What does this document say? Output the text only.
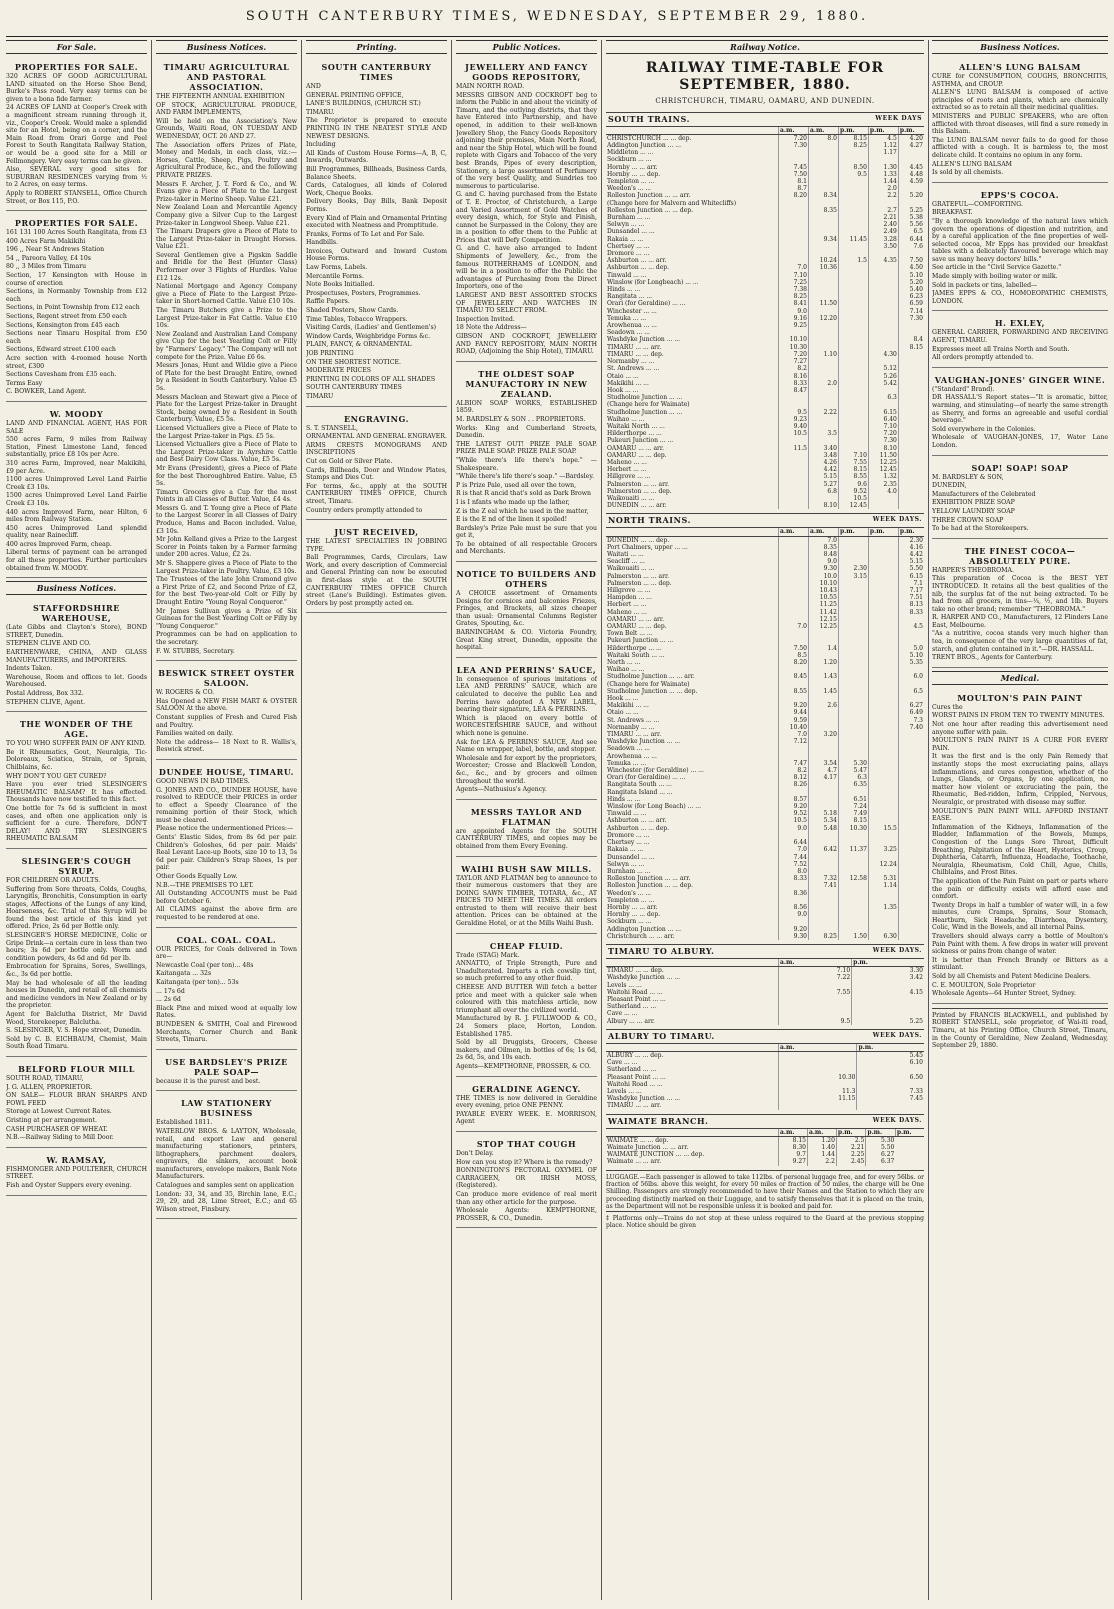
SOUTH CANTERBURY TIMES, WEDNESDAY, SEPTEMBER 29, 1880.
For Sale.
PROPERTIES FOR SALE.
320 ACRES OF GOOD AGRICULTURAL LAND situated on the Horse Shoe Bend, Burke's Pass road. Very easy terms can be given to a bona fide farmer.
24 ACRES OF LAND at Cooper's Creek with a magnificent stream running through it, viz., Cooper's Creek. Would make a splendid site for an Hotel, being on a corner, and the Main Road from Orari Gorge and Peel Forest to South Rangitata Railway Station, or would be a good site for a Mill or Fellmongery. Very easy terms can be given.
Also, SEVERAL very good sites for SUBURBAN RESIDENCES varying from ½ to 2 Acres, on easy terms.
Apply to ROBERT STANSELL, Office Church Street, or Box 115, P.O.
PROPERTIES FOR SALE.
161 131 100 Acres South Rangitata, from £3
400 Acres Farm Makikihi
196 ,, Near St Andrews Station
54 ,, Pareora Valley, £4 10s
80 ,, 3 Miles from Timaru
Section, 17 Kensington with House in course of erection
Sections, in Normanby Township from £12 each
Sections, in Point Township from £12 each
Sections, Regent street from £50 each
Sections, Kensington from £45 each
Sections near Timaru Hospital from £50 each
Sections, Edward street £100 each
Acre section with 4-roomed house North street, £300
Sections Cavesham from £35 each.
Terms Easy
C. BOWKER, Land Agent.
W. MOODY
LAND AND FINANCIAL AGENT, HAS FOR SALE
550 acres Farm, 9 miles from Railway Station, Finest Limestone Land, fenced substantially, price £8 10s per Acre.
310 acres Farm, Improved, near Makikihi, £9 per Acre.
1100 acres Unimproved Level Land Fairlie Creek £3 10s.
1500 acres Unimproved Level Land Fairlie Creek £3 10s.
440 acres Improved Farm, near Hilton, 6 miles from Railway Station.
450 acres Unimproved Land splendid quality, near Rainecliff.
400 acres Improved Farm, cheap.
Liberal terms of payment can be arranged for all these properties. Further particulars obtained from W. MOODY.
Business Notices.
STAFFORDSHIRE WAREHOUSE,
(Late Gibbs and Clayton's Store), BOND STREET, Dunedin.
STEPHEN CLIVE AND CO.
EARTHENWARE, CHINA, AND GLASS MANUFACTURERS, and IMPORTERS.
Indents Taken.
Warehouse, Room and offices to let. Goods Warehoused.
Postal Address, Box 332.
STEPHEN CLIVE, Agent.
THE WONDER OF THE AGE.
TO YOU WHO SUFFER PAIN OF ANY KIND.
Be it Rheumatics, Gout, Neuralgia, Tic-Doloreaux, Sciatica, Strain, or Sprain, Chilblains, &c.
WHY DON'T YOU GET CURED?
Have you ever tried SLESINGER'S RHEUMATIC BALSAM? It has effected. Thousands have now testified to this fact.
One bottle for 7s 6d is sufficient in most cases, and often one application only is sufficient for a cure. Therefore, DON'T DELAY! AND TRY SLESINGER'S RHEUMATIC BALSAM
SLESINGER'S COUGH SYRUP.
FOR CHILDREN OR ADULTS.
Suffering from Sore throats, Colds, Coughs, Laryngitis, Bronchitis, Consumption in early stages, Affections of the Lungs of any kind, Hoarseness, &c. Trial of this Syrup will be found the best article of this kind yet offered. Price, 2s 6d per Bottle only.
SLESINGER'S HORSE MEDICINE, Colic or Gripe Drink—a certain cure in less than two hours; 3s 6d per bottle only. Worm and condition powders, 4s 6d and 6d per lb.
Embrocation for Sprains, Sores, Swellings, &c., 3s 6d per bottle.
May be had wholesale of all the leading houses in Dunedin, and retail of all chemists and medicine vendors in New Zealand or by the proprietor.
Agent for Balclutha District, Mr David Wood, Storekeeper, Balclutha.
S. SLESINGER, V. S. Hope street, Dunedin.
Sold by C. B. EICHBAUM, Chemist, Main South Road Timaru.
BELFORD FLOUR MILL
SOUTH ROAD, TIMARU,
J. G. ALLEN, PROPRIETOR.
ON SALE— FLOUR BRAN SHARPS AND FOWL FEED
Storage at Lowest Current Rates.
Gristing at per arrangement.
CASH PURCHASER OF WHEAT.
N.B.—Railway Siding to Mill Door.
W. RAMSAY,
FISHMONGER AND POULTERER, CHURCH STREET.
Fish and Oyster Suppers every evening.
Business Notices.
TIMARU AGRICULTURAL AND PASTORAL ASSOCIATION.
THE FIFTEENTH ANNUAL EXHIBITION
OF STOCK, AGRICULTURAL PRODUCE, AND FARM IMPLEMENTS,
Will be held on the Association's New Grounds, Waiiti Road, ON TUESDAY AND WEDNESDAY, OCT. 26 AND 27.
The Association offers Prizes of Plate, Money and Medals, in each class, viz.:— Horses, Cattle, Sheep, Pigs, Poultry and Agricultural Produce, &c., and the following PRIVATE PRIZES.
Messrs F. Archer, J. T. Ford & Co., and W. Evans give a Piece of Plate to the Largest Prize-taker in Merino Sheep. Value £21.
New Zealand Loan and Mercantile Agency Company give a Silver Cup to the Largest Prize-taker in Longwool Sheep. Value £21.
The Timaru Drapers give a Piece of Plate to the Largest Prize-taker in Draught Horses. Value £21.
Several Gentlemen give a Pigskin Saddle and Bridle for the Best (Hunter Class) Performer over 3 Flights of Hurdles. Value £12 12s.
National Mortgage and Agency Company give a Piece of Plate to the Largest Prize-taker in Short-horned Cattle. Value £10 10s.
The Timaru Butchers give a Prize to the Largest Prize-taker in Fat Cattle. Value £10 10s.
New Zealand and Australian Land Company give Cup for the best Yearling Colt or Filly by "Farmers' Legacy." The Company will not compete for the Prize. Value £6 6s.
Messrs Jonas, Hunt and Wildie give a Piece of Plate for the best Draught Entire, owned by a Resident in South Canterbury. Value £5 5s.
Messrs Maclean and Stewart give a Piece of Plate for the Largest Prize-taker in Draught Stock, being owned by a Resident in South Canterbury. Value, £5 5s.
Licensed Victuallers give a Piece of Plate to the Largest Prize-taker in Pigs. £5 5s.
Licensed Victuallers give a Piece of Plate to the Largest Prize-taker in Ayrshire Cattle and Best Dairy Cow Class. Value, £5 5s.
Mr Evans (President), gives a Piece of Plate for the best Thoroughbred Entire. Value, £5 5s.
Timaru Grocers give a Cup for the most Points in all Classes of Butter. Value, £4 4s.
Messrs G. and T. Young give a Piece of Plate to the Largest Scorer in all Classes of Dairy Produce, Hams and Bacon included. Value, £3 10s.
Mr John Kelland gives a Prize to the Largest Scorer in Points taken by a Farmer farming under 200 acres. Value, £2 2s.
Mr S. Shappere gives a Piece of Plate to the Largest Prize-taker in Poultry. Value, £3 10s.
The Trustees of the late John Cramond give a First Prize of £2, and Second Prize of £2, for the best Two-year-old Colt or Filly by Draught Entire "Young Royal Conqueror."
Mr James Sullivan gives a Prize of Six Guineas for the Best Yearling Colt or Filly by "Young Conqueror."
Programmes can be had on application to the secretary.
F. W. STUBBS, Secretary.
BESWICK STREET OYSTER SALOON.
W. ROGERS & CO.
Has Opened a NEW FISH MART & OYSTER SALOON At the above.
Constant supplies of Fresh and Cured Fish and Poultry.
Families waited on daily.
Note the address— 18 Next to R. Wallis's, Beswick street.
DUNDEE HOUSE, TIMARU.
GOOD NEWS IN BAD TIMES.
G. JONES AND CO., DUNDEE HOUSE, have resolved to REDUCE their PRICES in order to effect a Speedy Clearance of the remaining portion of their Stock, which must be cleared.
Please notice the undermentioned Prices:—
Gents' Elastic Sides, from 8s 6d per pair. Children's Goloshes, 6d per pair. Maids' Real Levant Lace-up Boots, size 10 to 13, 5s 6d per pair. Children's Strap Shoes, 1s per pair.
Other Goods Equally Low.
N.B.—THE PREMISES TO LET.
All Outstanding ACCOUNTS must be Paid before October 6.
All CLAIMS against the above firm are requested to be rendered at one.
COAL. COAL. COAL.
OUR PRICES, for Coals delivered in Town are—
Newcastle Coal (per ton)... 48s
Kaitangata ... 32s
Kaitangata (per ton)... 53s
... 17s 6d
... 2s 6d
Black Pine and mixed wood at equally low Rates.
BUNDESEN & SMITH, Coal and Firewood Merchants, Corner Church and Bank Streets, Timaru.
USE BARDSLEY'S PRIZE PALE SOAP—
because it is the purest and best.
LAW STATIONERY BUSINESS
Established 1811.
WATERLOW BROS. & LAYTON, Wholesale, retail, and export Law and general manufacturing stationers, printers, lithographers, parchment dealers, engravers, die sinkers, account book manufacturers, envelope makers, Bank Note Manufacturers.
Catalogues and samples sent on application
London: 33, 34, and 35, Birchin lane, E.C.; 29, 29, and 28, Lime Street, E.C.; and 65 Wilson street, Finsbury.
Printing.
SOUTH CANTERBURY TIMES
AND
GENERAL PRINTING OFFICE,
LANE'S BUILDINGS, (CHURCH ST.)
TIMARU.
The Proprietor is prepared to execute PRINTING IN THE NEATEST STYLE AND NEWEST DESIGNS.
Including
All Kinds of Custom House Forms—A, B, C, Inwards, Outwards.
Bill Programmes, Billheads, Business Cards, Balance Sheets.
Cards, Catalogues, all kinds of Colored Work, Cheque Books.
Delivery Books, Day Bills, Bank Deposit Forms.
Every Kind of Plain and Ornamental Printing executed with Neatness and Promptitude.
Franks, Forms of To Let and For Sale.
Handbills.
Invoices, Outward and Inward Custom House Forms.
Law Forms, Labels.
Mercantile Forms.
Note Books Initialled.
Prospectuses, Posters, Programmes.
Raffle Papers.
Shaded Posters, Show Cards.
Time Tables, Tobacco Wrappers.
Visiting Cards, (Ladies' and Gentlemen's)
Window Cards, Weighbridge Forms &c.
PLAIN, FANCY, & ORNAMENTAL
JOB PRINTING
ON THE SHORTEST NOTICE.
MODERATE PRICES
PRINTING IN COLORS OF ALL SHADES
SOUTH CANTERBURY TIMES
TIMARU
ENGRAVING.
S. T. STANSELL,
ORNAMENTAL AND GENERAL ENGRAVER.
ARMS CRESTS MONOGRAMS AND INSCRIPTIONS
Cut on Gold or Silver Plate.
Cards, Billheads, Door and Window Plates, Stamps and Dies Cut.
For terms, &c., apply at the SOUTH CANTERBURY TIMES OFFICE, Church street, Timaru.
Country orders promptly attended to
JUST RECEIVED,
THE LATEST SPECIALTIES IN JOBBING TYPE.
Ball Programmes, Cards, Circulars, Law Work, and every description of Commercial and General Printing can now be executed in first-class style at the SOUTH CANTERBURY TIMES OFFICE Church street (Lane's Building). Estimates given. Orders by post promptly acted on.
Public Notices.
JEWELLERY AND FANCY GOODS REPOSITORY,
MAIN NORTH ROAD.
MESSRS GIBSON AND COCKROFT beg to inform the Public in and about the vicinity of Timaru, and the outlying districts, that they have Entered into Partnership, and have opened, in addition to their well-known Jewellery Shop, the Fancy Goods Repository adjoining their premises, Main North Road, and near the Ship Hotel, which will be found replete with Cigars and Tobacco of the very best Brands, Pipes of every description, Stationery, a large assortment of Perfumery of the very best Quality, and Sundries too numerous to particularise.
G. and C. having purchased from the Estate of T. E. Proctor, of Christchurch, a Large and Varied Assortment of Gold Watches of every design, which, for Style and Finish, cannot be Surpassed in the Colony, they are in a position to offer them to the Public at Prices that will Defy Competition.
G. and C. have also arranged to Indent Shipments of Jewellery, &c., from the famous ROTHERHAMS of LONDON, and will be in a position to offer the Public the advantages of Purchasing from the Direct Importers, one of the
LARGEST AND BEST ASSORTED STOCKS OF JEWELLERY AND WATCHES IN TIMARU TO SELECT FROM.
Inspection Invited.
18 Note the Address—
GIBSON AND COCKROFT, JEWELLERY AND FANCY REPOSITORY, MAIN NORTH ROAD, (Adjoining the Ship Hotel), TIMARU.
THE OLDEST SOAP MANUFACTORY IN NEW ZEALAND.
ALBION SOAP WORKS, ESTABLISHED 1859.
M. BARDSLEY & SON . . PROPRIETORS.
Works: King and Cumberland Streets, Dunedin.
THE LATEST OUT! PRIZE PALE SOAP. PRIZE PALE SOAP. PRIZE PALE SOAP.
"While there's life there's hope." —Shakespeare.
"While there's life there's soap." —Bardsley.
P is Prize Pale, used all over the town,
R is that R ancid that's sold as Dark Brown
I is I nfants who made up the lather,
Z is the Z eal which he used in the matter,
E is the E nd of the linen it spoiled!
Bardsley's Prize Pale must be sure that you get it,
To be obtained of all respectable Grocers and Merchants.
NOTICE TO BUILDERS AND OTHERS
A CHOICE assortment of Ornaments Designs for cornices and balconies Friezes, Fringes, and Brackets, all sizes cheaper than usual: Ornamental Columns Register Grates, Spouting, &c.
BARNINGHAM & CO. Victoria Foundry, Great King street, Dunedin, opposite the hospital.
LEA AND PERRINS' SAUCE,
In consequence of spurious imitations of LEA AND PERRINS' SAUCE, which are calculated to deceive the public Lea and Perrins have adopted A NEW LABEL, bearing their signature, LEA & PERRINS.
Which is placed on every bottle of WORCESTERSHIRE SAUCE, and without which none is genuine.
Ask for LEA & PERRINS' SAUCE, And see Name on wrapper, label, bottle, and stopper.
Wholesale and for export by the proprietors, Worcester; Crosse and Blackwell London, &c., &c., and by grocers and oilmen throughout the world.
Agents—Nathusius's Agency.
MESSRS TAYLOR AND FLATMAN
are appointed Agents for the SOUTH CANTERBURY TIMES, and copies may be obtained from them Every Evening.
WAIHI BUSH SAW MILLS.
TAYLOR AND FLATMAN beg to announce to their numerous customers that they are DOING SAWN TIMBER, TOTARA, &c., AT PRICES TO MEET THE TIMES. All orders entrusted to them will receive their best attention. Prices can be obtained at the Geraldine Hotel, or at the Mills Waihi Bush.
CHEAP FLUID.
Trade (STAG) Mark.
ANNATTO, of Triple Strength, Pure and Unadulterated. Imparts a rich cowslip tint, so much preferred to any other fluid.
CHEESE AND BUTTER Will fetch a better price and meet with a quicker sale when coloured with this matchless article, now triumphant all over the civilized world.
Manufactured by R. J. FULLWOOD & CO., 24 Somers place, Horton, London. Established 1785.
Sold by all Druggists, Grocers, Cheese makers, and Oilmen, in bottles of 6s; 1s 6d, 2s 6d, 5s, and 10s each.
Agents—KEMPTHORNE, PROSSER, & CO.
GERALDINE AGENCY.
THE TIMES is now delivered in Geraldine every evening, price ONE PENNY.
PAYABLE EVERY WEEK. E. MORRISON, Agent
STOP THAT COUGH
Don't Delay.
How can you stop it? Where is the remedy?
BONNINGTON'S PECTORAL OXYMEL OF CARRAGEEN, OR IRISH MOSS, (Registered).
Can produce more evidence of real merit than any other article for the purpose.
Wholesale Agents: KEMPTHORNE, PROSSER, & CO., Dunedin.
Railway Notice.
RAILWAY TIME-TABLE FOR SEPTEMBER, 1880.
CHRISTCHURCH, TIMARU, OAMARU, AND DUNEDIN.
SOUTH TRAINS.	WEEK DAYS
	a.m.	a.m.	p.m.	p.m.	p.m.
CHRISTCHURCH ... ... dep.	7.20	8.0	8.15	4.5	4.20
Addington Junction ... ...	7.30		8.25	1.12	4.27
Middleton ... ...				1.17	
Sockburn ... ...					
Hornby ... ... arr.	7.45		8.50	1.30	4.45
Hornby ... ... dep.	7.50		9.5	1.33	4.48
Templeton ... ...	8.1			1.44	4.59
Weedon's ... ...	8.7			2.0	
Rolleston Junction ... ... arr.	8.20	8.34		2.2	5.20
(Change here for Malvern and Whitecliffs)					
Rolleston Junction ... ... dep.		8.35		2.7	5.25
Burnham ... ...				2.21	5.38
Selwyn ... ...				2.40	5.56
Dunsandel ... ...				2.49	6.5
Rakaia ... ...		9.34	11.45	3.28	6.44
Chertsey ... ...				3.50	7.6
Dromore ... ...					
Ashburton ... ... arr.		10.24	1.5	4.35	7.50
Ashburton ... ... dep.	7.0	10.36			4.50
Tinwald ... ...	7.10				5.10
Winslow (for Longbeach) ... ...	7.25				5.20
Hinds ... ...	7.38				5.40
Rangitata ... ...	8.25				6.23
Orari (for Geraldine) ... ...	8.41	11.50			6.59
Winchester ... ...	9.0				7.14
Temuka ... ...	9.16	12.20			7.30
Arowhenua ... ...	9.25				
Seadown ... ...					
Washdyke Junction ... ...	10.10				8.4
TIMARU ... ... arr.	10.30				8.15
TIMARU ... ... dep.	7.20	1.10		4.30	
Normanby ... ...	7.27				
St. Andrews ... ...	8.2			5.12	
Otaio ... ...	8.16			5.26	
Makikihi ... ...	8.33	2.0		5.42	
Hook ... ...	8.47				
Studholme Junction ... ...				6.3	
(Change here for Waimate)					
Studholme Junction ... ...	9.5	2.22		6.15	
Waihao ... ...	9.23			6.40	
Waitaki North ... ...	9.40			7.10	
Hilderthorpe ... ...	10.5	3.5		7.20	
Pukeuri Junction ... ...				7.30	
OAMARU ... ... arr.	11.5	3.40		8.10	
OAMARU ... ... dep.		3.48	7.10	11.50	
Maheno ... ...		4.26	7.55	12.25	
Herbert ... ...		4.42	8.15	12.45	
Hillgrove ... ...		5.15	8.55	1.32	
Palmerston ... ... arr.		5.27	9.6	2.35	
Palmerston ... ... dep.		6.8	9.52	4.0	
Waikouaiti ... ...			10.5		
DUNEDIN ... ... arr.		8.10	12.45		
NORTH TRAINS.	WEEK DAYS.
	a.m.	a.m.	p.m.	p.m.	p.m.
DUNEDIN ... ... dep.		7.0			2.30
Port Chalmers, upper ... ...		8.35			4.16
Waitati ... ...		8.48			4.42
Seacliff ... ...		9.0			5.15
Waikouaiti ... ...		9.30	2.30		5.50
Palmerston ... ... arr.		10.0	3.15		6.15
Palmerston ... ... dep.		10.10			7.1
Hillgrove ... ...		10.43			7.17
Hampden ... ...		10.55			7.51
Herbert ... ...		11.25			8.13
Maheno ... ...		11.42			8.33
OAMARU ... ... arr.		12.15			
OAMARU ... ... dep.	7.0	12.25			4.5
Town Belt ... ...					
Pukeuri Junction ... ...					
Hilderthorpe ... ...	7.50	1.4			5.0
Waitaki South ... ...	8.5				5.10
North ... ...	8.20	1.20			5.35
Waihao ... ...					
Studholme Junction ... ... arr.	8.45	1.43			6.0
(Change here for Waimate)					
Studholme Junction ... ... dep.	8.55	1.45			6.5
Hook ... ...					
Makikihi ... ...	9.20	2.6			6.27
Otaio ... ...	9.44				6.49
St. Andrews ... ...	9.59				7.3
Normanby ... ...	10.40				7.40
TIMARU ... ... arr.	7.0	3.20			
Washdyke Junction ... ...	7.12				
Seadown ... ...					
Arowhenua ... ...					
Temuka ... ...	7.47	3.54	5.30		
Winchester (for Geraldine) ... ...	8.2	4.7	5.47		
Orari (for Geraldine) ... ...	8.12	4.17	6.3		
Rangitata South ... ...	8.26		6.35		
Rangitata Island ... ...					
Hinds ... ...	8.57		6.51		
Winslow (for Long Beach) ... ...	9.20		7.24		
Tinwald ... ...	9.52	5.18	7.49		
Ashburton ... ... arr.	10.5	5.34	8.15		
Ashburton ... ... dep.	9.0	5.48	10.30	15.5	
Dromore ... ...					
Chertsey ... ...	6.44				
Rakaia ... ...	7.0	6.42	11.37	3.25	
Dunsandel ... ...	7.44				
Selwyn ... ...	7.52			12.24	
Burnham ... ...	8.0				
Rolleston Junction ... ... arr.	8.33	7.32	12.58	5.31	
Rolleston Junction ... ... dep.		7.41		1.14	
Weedon's ... ...	8.36				
Templeton ... ...					
Hornby ... ... arr.	8.56			1.35	
Hornby ... ... dep.	9.0				
Sockburn ... ...					
Addington Junction ... ...	9.20				
Christchurch ... ... arr.	9.30	8.25	1.50	6.30	
TIMARU TO ALBURY.	WEEK DAYS.
	a.m.	p.m.
TIMARU ... ... dep.	7.10	3.30
Washdyke Junction ... ...	7.22	3.42
Levels ... ...		
Waitohi Road ... ...	7.55	4.15
Pleasant Point ... ...		
Sutherland ... ...		
Cave ... ...		
Albury ... ... arr.	9.5	5.25
ALBURY TO TIMARU.	WEEK DAYS.
	a.m.	p.m.
ALBURY ... ... dep.		5.45
Cave ... ...		6.10
Sutherland ... ...		
Pleasant Point ... ...	10.30	6.50
Waitohi Road ... ...		
Levels ... ...	11.3	7.33
Washdyke Junction ... ...	11.15	7.45
TIMARU ... ... arr.		
WAIMATE BRANCH.	WEEK DAYS.
	a.m.	a.m.	p.m.	p.m.	p.m.
WAIMATE ... ... dep.	8.15	1.20	2.5	5.30	
Waimate Junction ... ... arr.	8.30	1.40	2.21	5.50	
WAIMATE JUNCTION ... ... dep.	9.7	1.44	2.25	6.27	
Waimate ... ... arr.	9.27	2.2	2.45	6.37	
LUGGAGE.—Each passenger is allowed to take 112lbs. of personal luggage free, and for every 56lbs. or fraction of 56lbs. above this weight, for every 50 miles or fraction of 50 miles, the charge will be One Shilling. Passengers are strongly recommended to have their Names and the Station to which they are proceeding distinctly marked on their Luggage, and to satisfy themselves that it is placed on the train, as the Department will not be responsible unless it is booked and paid for.
‡ Platforms only—Trains do not stop at these unless required to the Guard at the previous stopping place. Notice should be given
Business Notices.
ALLEN'S LUNG BALSAM
CURE for CONSUMPTION, COUGHS, BRONCHITIS, ASTHMA, and CROUP.
ALLEN'S LUNG BALSAM is composed of active principles of roots and plants, which are chemically extracted so as to retain all their medicinal qualities.
MINISTERS and PUBLIC SPEAKERS, who are often afflicted with throat diseases, will find a sure remedy in this Balsam.
The LUNG BALSAM never fails to do good for those afflicted with a cough. It is harmless to, the most delicate child. It contains no opium in any form.
ALLEN'S LUNG BALSAM
Is sold by all chemists.
EPPS'S COCOA.
GRATEFUL—COMFORTING.
BREAKFAST.
"By a thorough knowledge of the natural laws which govern the operations of digestion and nutrition, and by a careful application of the fine properties of well-selected cocoa, Mr Epps has provided our breakfast tables with a delicately flavoured beverage which may save us many heavy doctors' bills."
See article in the "Civil Service Gazette."
Made simply with boiling water or milk.
Sold in packets or tins, labelled—
JAMES EPPS & CO., HOMOEOPATHIC CHEMISTS, LONDON.
H. EXLEY,
GENERAL CARRIER, FORWARDING AND RECEIVING AGENT, TIMARU.
Expresses meet all Trains North and South.
All orders promptly attended to.
VAUGHAN-JONES' GINGER WINE.
("Standard" Brand).
DR HASSALL'S Report states—"It is aromatic, bitter, warming, and stimulating—of nearly the same strength as Sherry, and forms an agreeable and useful cordial beverage."
Sold everywhere in the Colonies.
Wholesale of VAUGHAN-JONES, 17, Water Lane London.
SOAP! SOAP! SOAP
M. BARDSLEY & SON,
DUNEDIN,
Manufacturers of the Celebrated
EXHIBITION PRIZE SOAP
YELLOW LAUNDRY SOAP
THREE CROWN SOAP
To be had at the Storekeepers.
THE FINEST COCOA—ABSOLUTELY PURE.
HARPER'S THEOBROMA.
This preparation of Cocoa is the BEST YET INTRODUCED. It retains all the best qualities of the nib, the surplus fat of the nut being extracted. To be had from all grocers, in tins—¼, ½, and 1lb. Buyers take no other brand; remember "THEOBROMA."
R. HARPER AND CO., Manufacturers, 12 Flinders Lane East, Melbourne.
"As a nutritive, cocoa stands very much higher than tea, in consequence of the very large quantities of fat, starch, and gluten contained in it."—DR. HASSALL.
TRENT BROS., Agents for Canterbury.
Medical.
MOULTON'S PAIN PAINT
Cures the
WORST PAINS IN FROM TEN TO TWENTY MINUTES.
Not one hour after reading this advertisement need anyone suffer with pain.
MOULTON'S PAIN PAINT IS A CURE FOR EVERY PAIN.
It was the first and is the only Pain Remedy that instantly stops the most excruciating pains, allays inflammations, and cures congestion, whether of the Lungs, Glands, or Organs, by one application, no matter how violent or excruciating the pain, the Rheumatic, Bed-ridden, Infirm, Crippled, Nervous, Neuralgic, or prostrated with disease may suffer.
MOULTON'S PAIN PAINT WILL AFFORD INSTANT EASE.
Inflammation of the Kidneys, Inflammation of the Bladder, Inflammation of the Bowels, Mumps, Congestion of the Lungs Sore Throat, Difficult Breathing, Palpitation of the Heart, Hysterics, Croup, Diphtheria, Catarrh, Influenza, Headache, Toothache, Neuralgia, Rheumatism, Cold Chill, Ague, Chills, Chilblains, and Frost Bites.
The application of the Pain Paint on part or parts where the pain or difficulty exists will afford ease and comfort.
Twenty Drops in half a tumbler of water will, in a few minutes, cure Cramps, Sprains, Sour Stomach, Heartburn, Sick Headache, Diarrhoea, Dysentery, Colic, Wind in the Bowels, and all internal Pains.
Travellers should always carry a bottle of Moulton's Pain Paint with them. A few drops in water will prevent sickness or pains from change of water.
It is better than French Brandy or Bitters as a stimulant.
Sold by all Chemists and Patent Medicine Dealers.
C. E. MOULTON, Sole Proprietor
Wholesale Agents—64 Hunter Street, Sydney.
Printed by FRANCIS BLACKWELL, and published by ROBERT STANSELL, sole proprietor, of Wai-iti road, Timaru, at his Printing Office, Church Street, Timaru, in the County of Geraldine, New Zealand, Wednesday, September 29, 1880.
